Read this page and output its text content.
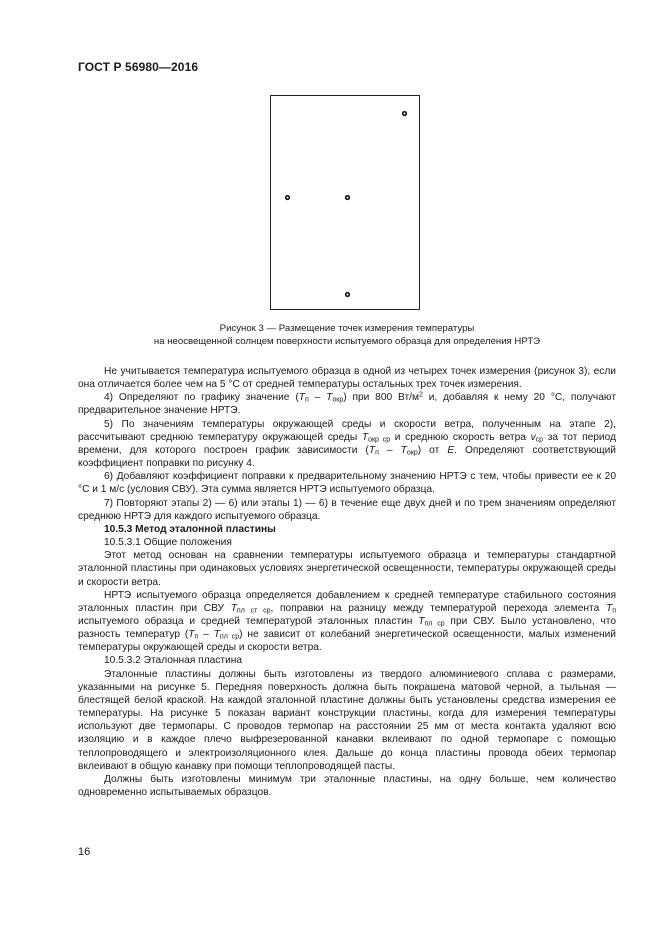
ГОСТ Р 56980—2016
Рисунок 3 — Размещение точек измерения температуры
на неосвещенной солнцем поверхности испытуемого образца для определения НРТЭ

Не учитывается температура испытуемого образца в одной из четырех точек измерения (рисунок 3), если она отличается более чем на 5 °С от средней температуры остальных трех точек измерения.

4) Определяют по графику значение $(T_п - T_{окр})$ при 800 $Вт/м^2$ и, добавляя к нему 20 °С, получают предварительное значение НРТЭ.

5) По значениям температуры окружающей среды и скорости ветра, полученным на этапе 2), рассчитывают среднюю температуру окружающей среды $T_{окр ср}$ и среднюю скорость ветра $v_{ср}$ за тот период времени, для которого построен график зависимости $(T_п - T_{окр})$ от E. Определяют соответствующий коэффициент поправки по рисунку 4.

6) Добавляют коэффициент поправки к предварительному значению НРТЭ с тем, чтобы привести ее к 20 °С и 1 м/с (условия СВУ). Эта сумма является НРТЭ испытуемого образца.

7) Повторяют этапы 2) — 6) или этапы 1) — 6) в течение еще двух дней и по трем значениям определяют среднюю НРТЭ для каждого испытуемого образца.

10.5.3 Метод эталонной пластины

10.5.3.1 Общие положения

Этот метод основан на сравнении температуры испытуемого образца и температуры стандартной эталонной пластины при одинаковых условиях энергетической освещенности, температуры окружающей среды и скорости ветра.

НРТЭ испытуемого образца определяется добавлением к средней температуре стабильного состояния эталонных пластин при СВУ $T_{пл ст ср}$, поправки на разницу между температурой перехода элемента $T_п$ испытуемого образца и средней температурой эталонных пластин $T_{пл ср}$ при СВУ. Было установлено, что разность температур $(T_п - T_{пл ср})$ не зависит от колебаний энергетической освещенности, малых изменений температуры окружающей среды и скорости ветра.

10.5.3.2 Эталонная пластина

Эталонные пластины должны быть изготовлены из твердого алюминиевого сплава с размерами, указанными на рисунке 5. Передняя поверхность должна быть покрашена матовой черной, а тыльная — блестящей белой краской. На каждой эталонной пластине должны быть установлены средства измерения ее температуры. На рисунке 5 показан вариант конструкции пластины, когда для измерения температуры используют две термопары. С проводов термопар на расстоянии 25 мм от места контакта удаляют всю изоляцию и в каждое плечо выфрезерованной канавки вклеивают по одной термопаре с помощью теплопроводящего и электроизоляционного клея. Дальше до конца пластины провода обеих термопар вклеивают в общую канавку при помощи теплопроводящей пасты.

Должны быть изготовлены минимум три эталонные пластины, на одну больше, чем количество одновременно испытываемых образцов.

16
